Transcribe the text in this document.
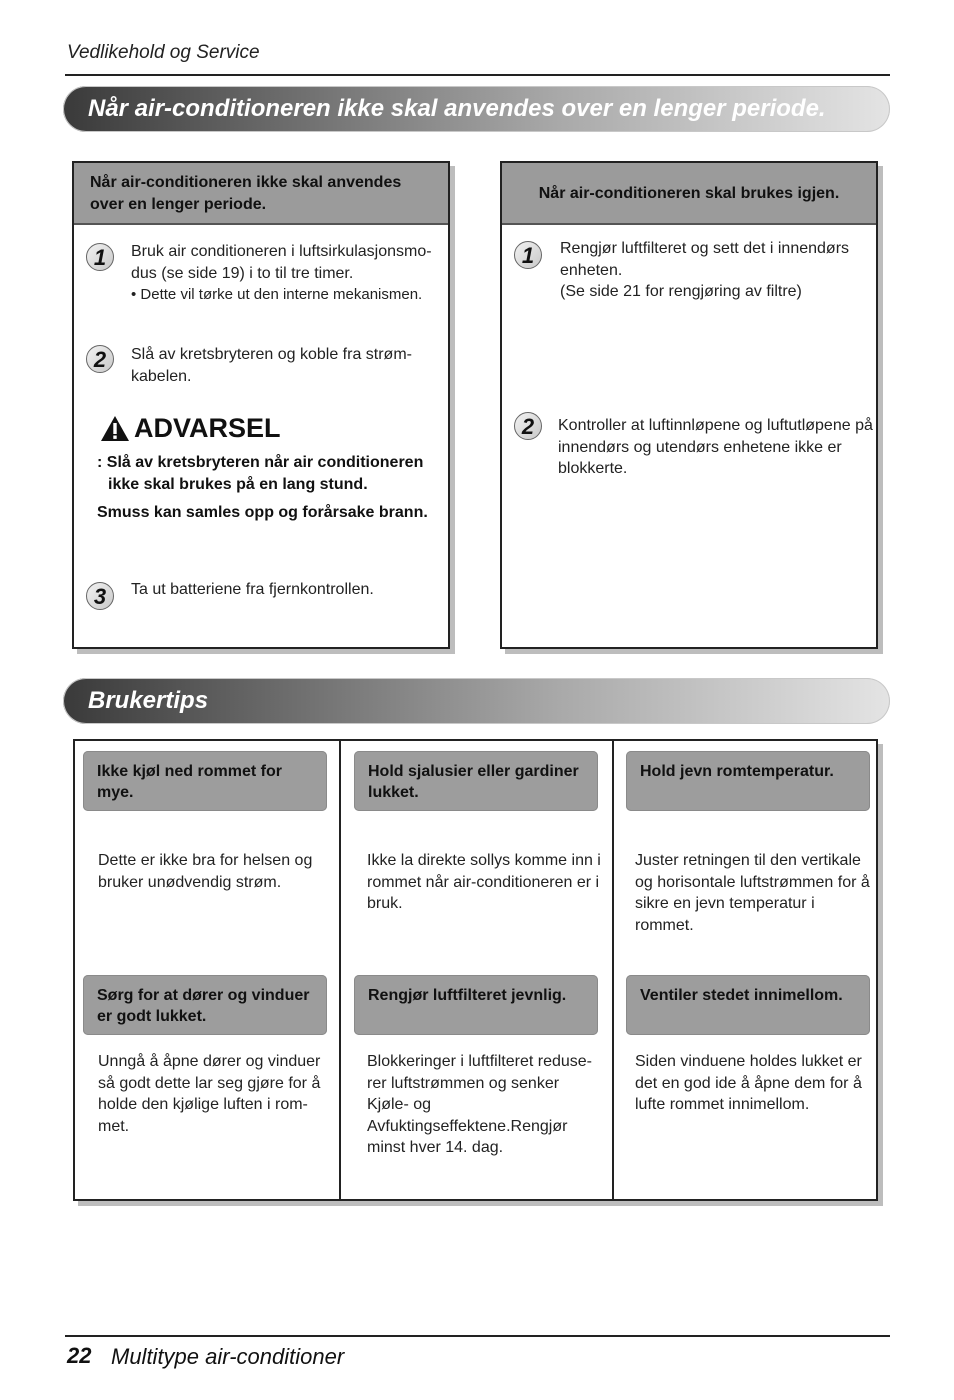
Vedlikehold og Service
Når air-conditioneren ikke skal anvendes over en lenger periode.
Når air-conditioneren ikke skal anvendes over en lenger periode.
1	Bruk air conditioneren i luftsirkulasjonsmo-dus (se side 19) i to til tre timer.
• Dette vil tørke ut den interne mekanismen.
2	Slå av kretsbryteren og koble fra strøm-kabelen.
ADVARSEL
: Slå av kretsbryteren når air conditioneren
ikke skal brukes på en lang stund.
Smuss kan samles opp og forårsake brann.
3	Ta ut batteriene fra fjernkontrollen.
Når air-conditioneren skal brukes igjen.
1	Rengjør luftfilteret og sett det i innendørs enheten.
(Se side 21 for rengjøring av filtre)
2	Kontroller at luftinnløpene og luftutløpene på innendørs og utendørs enhetene ikke er blokkerte.
Brukertips
Ikke kjøl ned rommet for mye.
Dette er ikke bra for helsen og bruker unødvendig strøm.
Hold sjalusier eller gardiner lukket.
Ikke la direkte sollys komme inn i rommet når air-conditioneren er i bruk.
Hold jevn romtemperatur.
Juster retningen til den vertikale og horisontale luftstrømmen for å sikre en jevn temperatur i rommet.
Sørg for at dører og vinduer er godt lukket.
Unngå å åpne dører og vinduer så godt dette lar seg gjøre for å holde den kjølige luften i rom-met.
Rengjør luftfilteret jevnlig.
Blokkeringer i luftfilteret reduse-rer luftstrømmen og senker Kjøle- og Avfuktingseffektene.Rengjør minst hver 14. dag.
Ventiler stedet innimellom.
Siden vinduene holdes lukket er det en god ide å åpne dem for å lufte rommet innimellom.
22 Multitype air-conditioner
